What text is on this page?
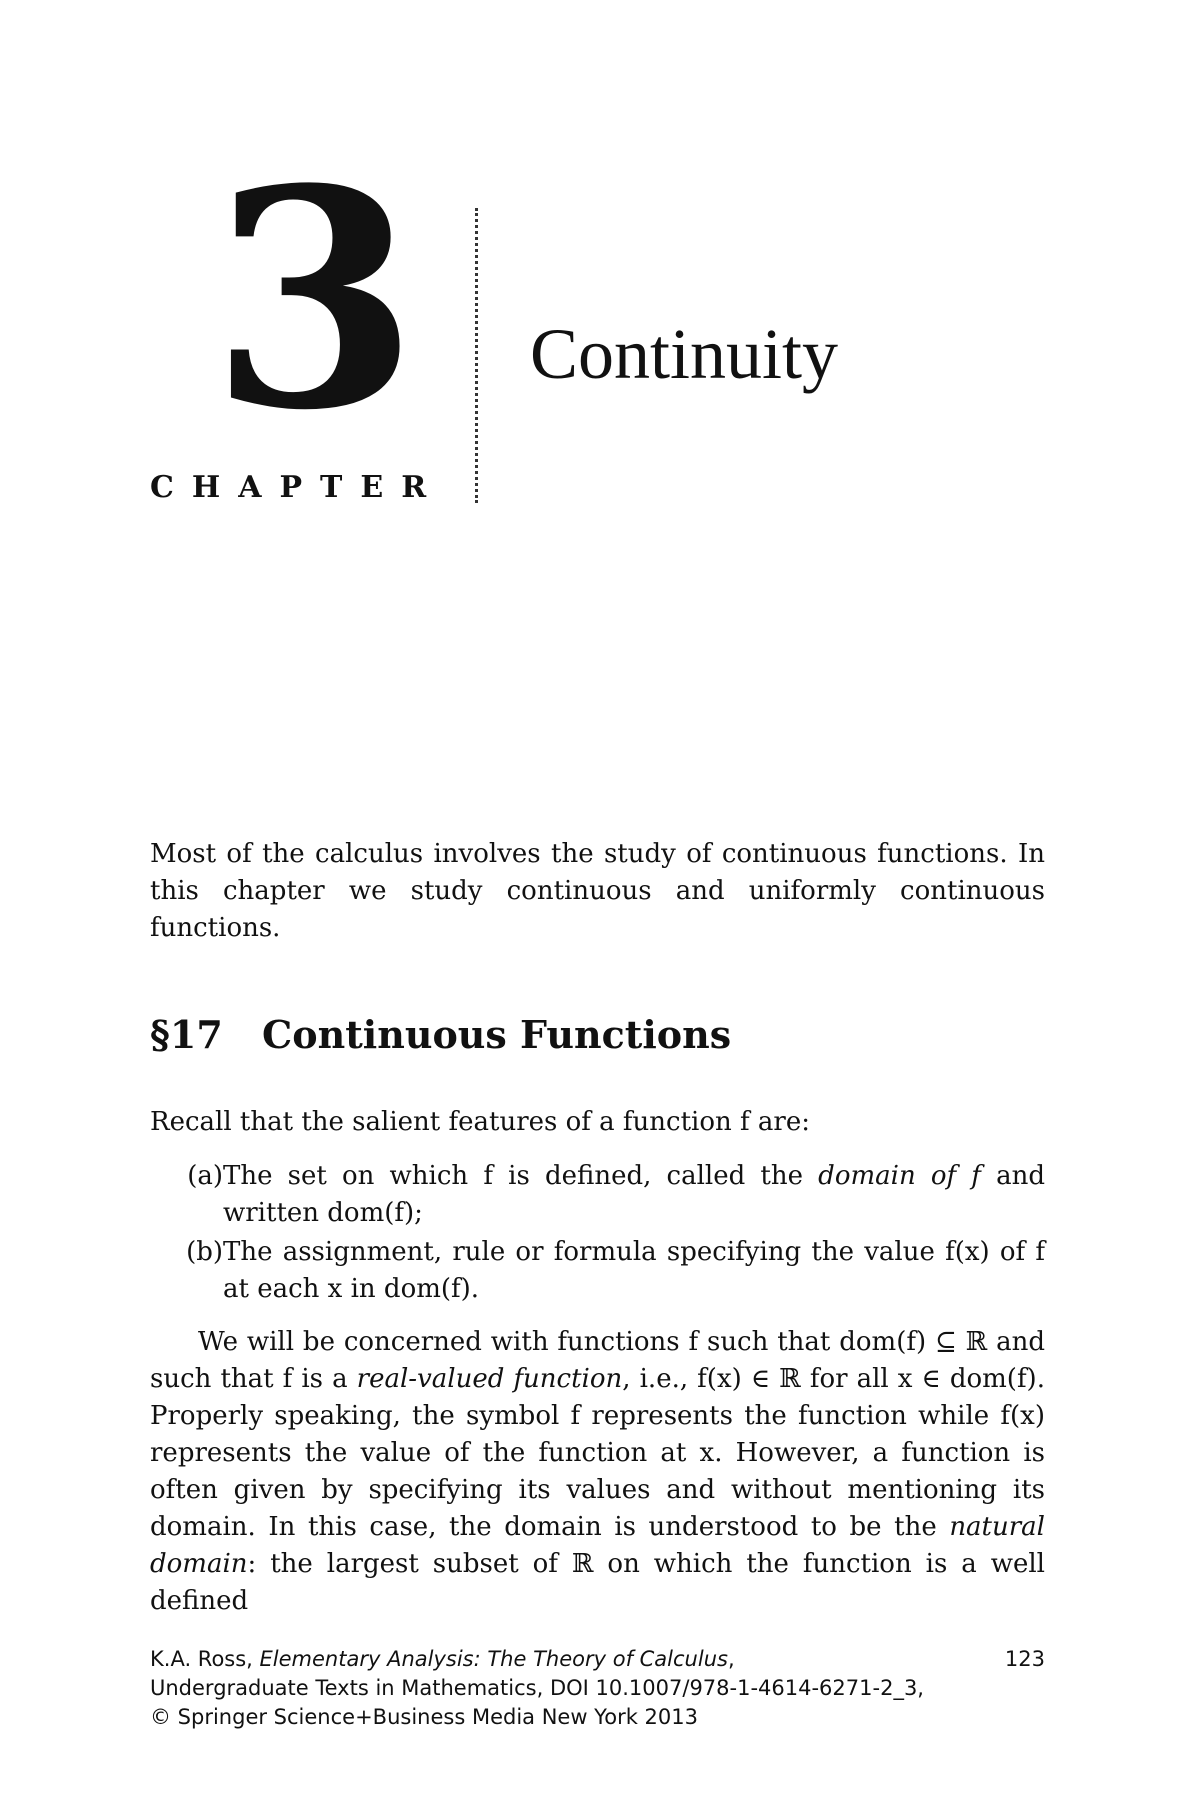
3
CHAPTER
Continuity
Most of the calculus involves the study of continuous functions. In this chapter we study continuous and uniformly continuous functions.
§17 Continuous Functions
Recall that the salient features of a function f are:
(a) The set on which f is defined, called the domain of f and written dom(f);
(b) The assignment, rule or formula specifying the value f(x) of f at each x in dom(f).
We will be concerned with functions f such that dom(f) ⊆ ℝ and such that f is a real-valued function, i.e., f(x) ∈ ℝ for all x ∈ dom(f). Properly speaking, the symbol f represents the function while f(x) represents the value of the function at x. However, a function is often given by specifying its values and without mentioning its domain. In this case, the domain is understood to be the natural domain: the largest subset of ℝ on which the function is a well defined
K.A. Ross, Elementary Analysis: The Theory of Calculus,	123
Undergraduate Texts in Mathematics, DOI 10.1007/978-1-4614-6271-2_3,
© Springer Science+Business Media New York 2013
